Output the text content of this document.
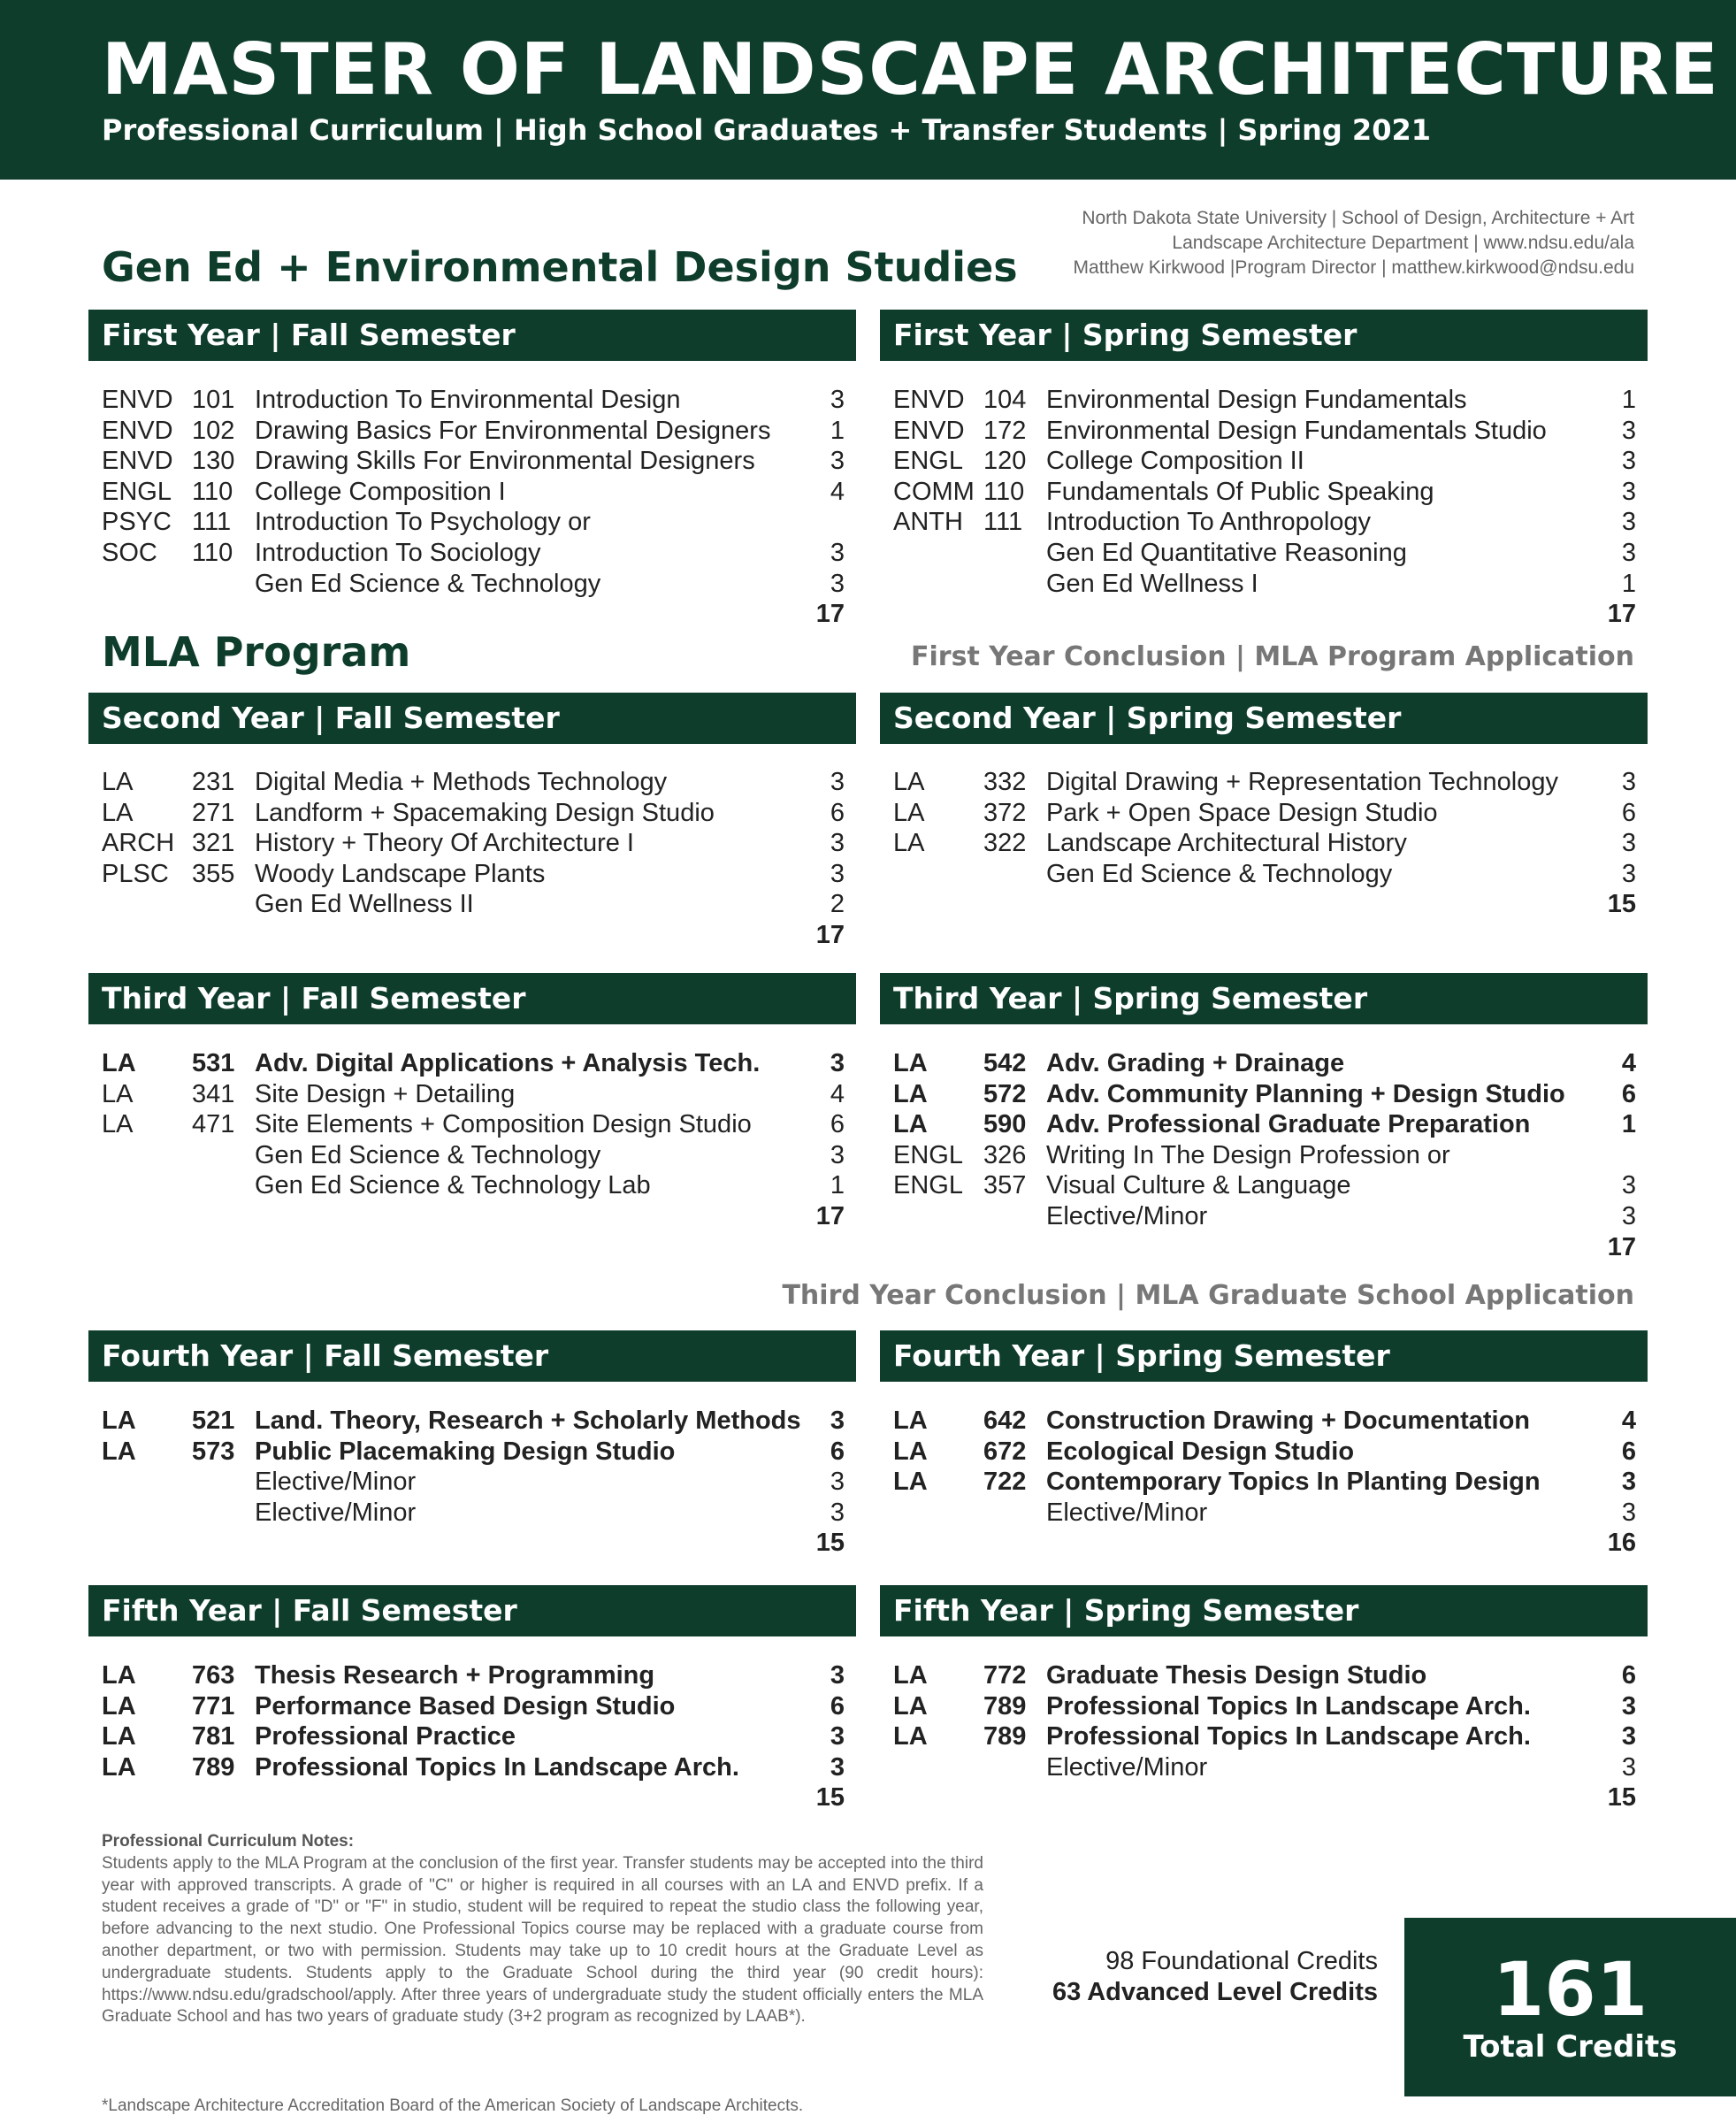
MASTER OF LANDSCAPE ARCHITECTURE
Professional Curriculum | High School Graduates + Transfer Students | Spring 2021
North Dakota State University | School of Design, Architecture + Art
Landscape Architecture Department | www.ndsu.edu/ala
Matthew Kirkwood |Program Director | matthew.kirkwood@ndsu.edu
Gen Ed + Environmental Design Studies
MLA Program	First Year Conclusion | MLA Program Application
Third Year Conclusion | MLA Graduate School Application
First Year | Fall Semester	First Year | Spring Semester
Second Year | Fall Semester	Second Year | Spring Semester
Third Year | Fall Semester	Third Year | Spring Semester
Fourth Year | Fall Semester	Fourth Year | Spring Semester
Fifth Year | Fall Semester	Fifth Year | Spring Semester
ENVD 101 Introduction To Environmental Design	3
ENVD 102 Drawing Basics For Environmental Designers 1
ENVD 130 Drawing Skills For Environmental Designers	3
ENGL 110 College Composition I	4
PSYC 111 Introduction To Psychology or
SOC 110 Introduction To Sociology	3
Gen Ed Science & Technology	3
17
ENVD 104 Environmental Design Fundamentals	1
ENVD 172 Environmental Design Fundamentals Studio	3
ENGL 120 College Composition II	3
COMM 110 Fundamentals Of Public Speaking	3
ANTH 111 Introduction To Anthropology	3
Gen Ed Quantitative Reasoning	3
Gen Ed Wellness I	1
17
LA 231 Digital Media + Methods Technology	3
LA 271 Landform + Spacemaking Design Studio	6
ARCH 321 History + Theory Of Architecture I	3
PLSC 355 Woody Landscape Plants	3
Gen Ed Wellness II	2
17
LA 332 Digital Drawing + Representation Technology 3
LA 372 Park + Open Space Design Studio	6
LA 322 Landscape Architectural History	3
Gen Ed Science & Technology	3
15
LA 531 Adv. Digital Applications + Analysis Tech.	3
LA 341 Site Design + Detailing	4
LA 471 Site Elements + Composition Design Studio	6
Gen Ed Science & Technology	3
Gen Ed Science & Technology Lab	1
17
LA 542 Adv. Grading + Drainage	4
LA 572 Adv. Community Planning + Design Studio 6
LA 590 Adv. Professional Graduate Preparation	1
ENGL 326 Writing In The Design Profession or
ENGL 357 Visual Culture & Language	3
Elective/Minor	3
17
LA 521 Land. Theory, Research + Scholarly Methods 3
LA 573 Public Placemaking Design Studio	6
Elective/Minor	3
Elective/Minor	3
15
LA 642 Construction Drawing + Documentation	4
LA 672 Ecological Design Studio	6
LA 722 Contemporary Topics In Planting Design	3
Elective/Minor	3
16
LA 763 Thesis Research + Programming	3
LA 771 Performance Based Design Studio	6
LA 781 Professional Practice	3
LA 789 Professional Topics In Landscape Arch.	3
15
LA 772 Graduate Thesis Design Studio	6
LA 789 Professional Topics In Landscape Arch.	3
LA 789 Professional Topics In Landscape Arch.	3
Elective/Minor	3
15
Professional Curriculum Notes:
Students apply to the MLA Program at the conclusion of the first year. Transfer students may be accepted into the third year with approved transcripts. A grade of "C" or higher is required in all courses with an LA and ENVD prefix. If a student receives a grade of "D" or "F" in studio, student will be required to repeat the studio class the following year, before advancing to the next studio. One Professional Topics course may be replaced with a graduate course from another department, or two with permission. Students may take up to 10 credit hours at the Graduate Level as undergraduate students. Students apply to the Graduate School during the third year (90 credit hours): https://www.ndsu.edu/gradschool/apply. After three years of undergraduate study the student officially enters the MLA Graduate School and has two years of graduate study (3+2 program as recognized by LAAB*).
*Landscape Architecture Accreditation Board of the American Society of Landscape Architects.
98 Foundational Credits
63 Advanced Level Credits	161
Total Credits
